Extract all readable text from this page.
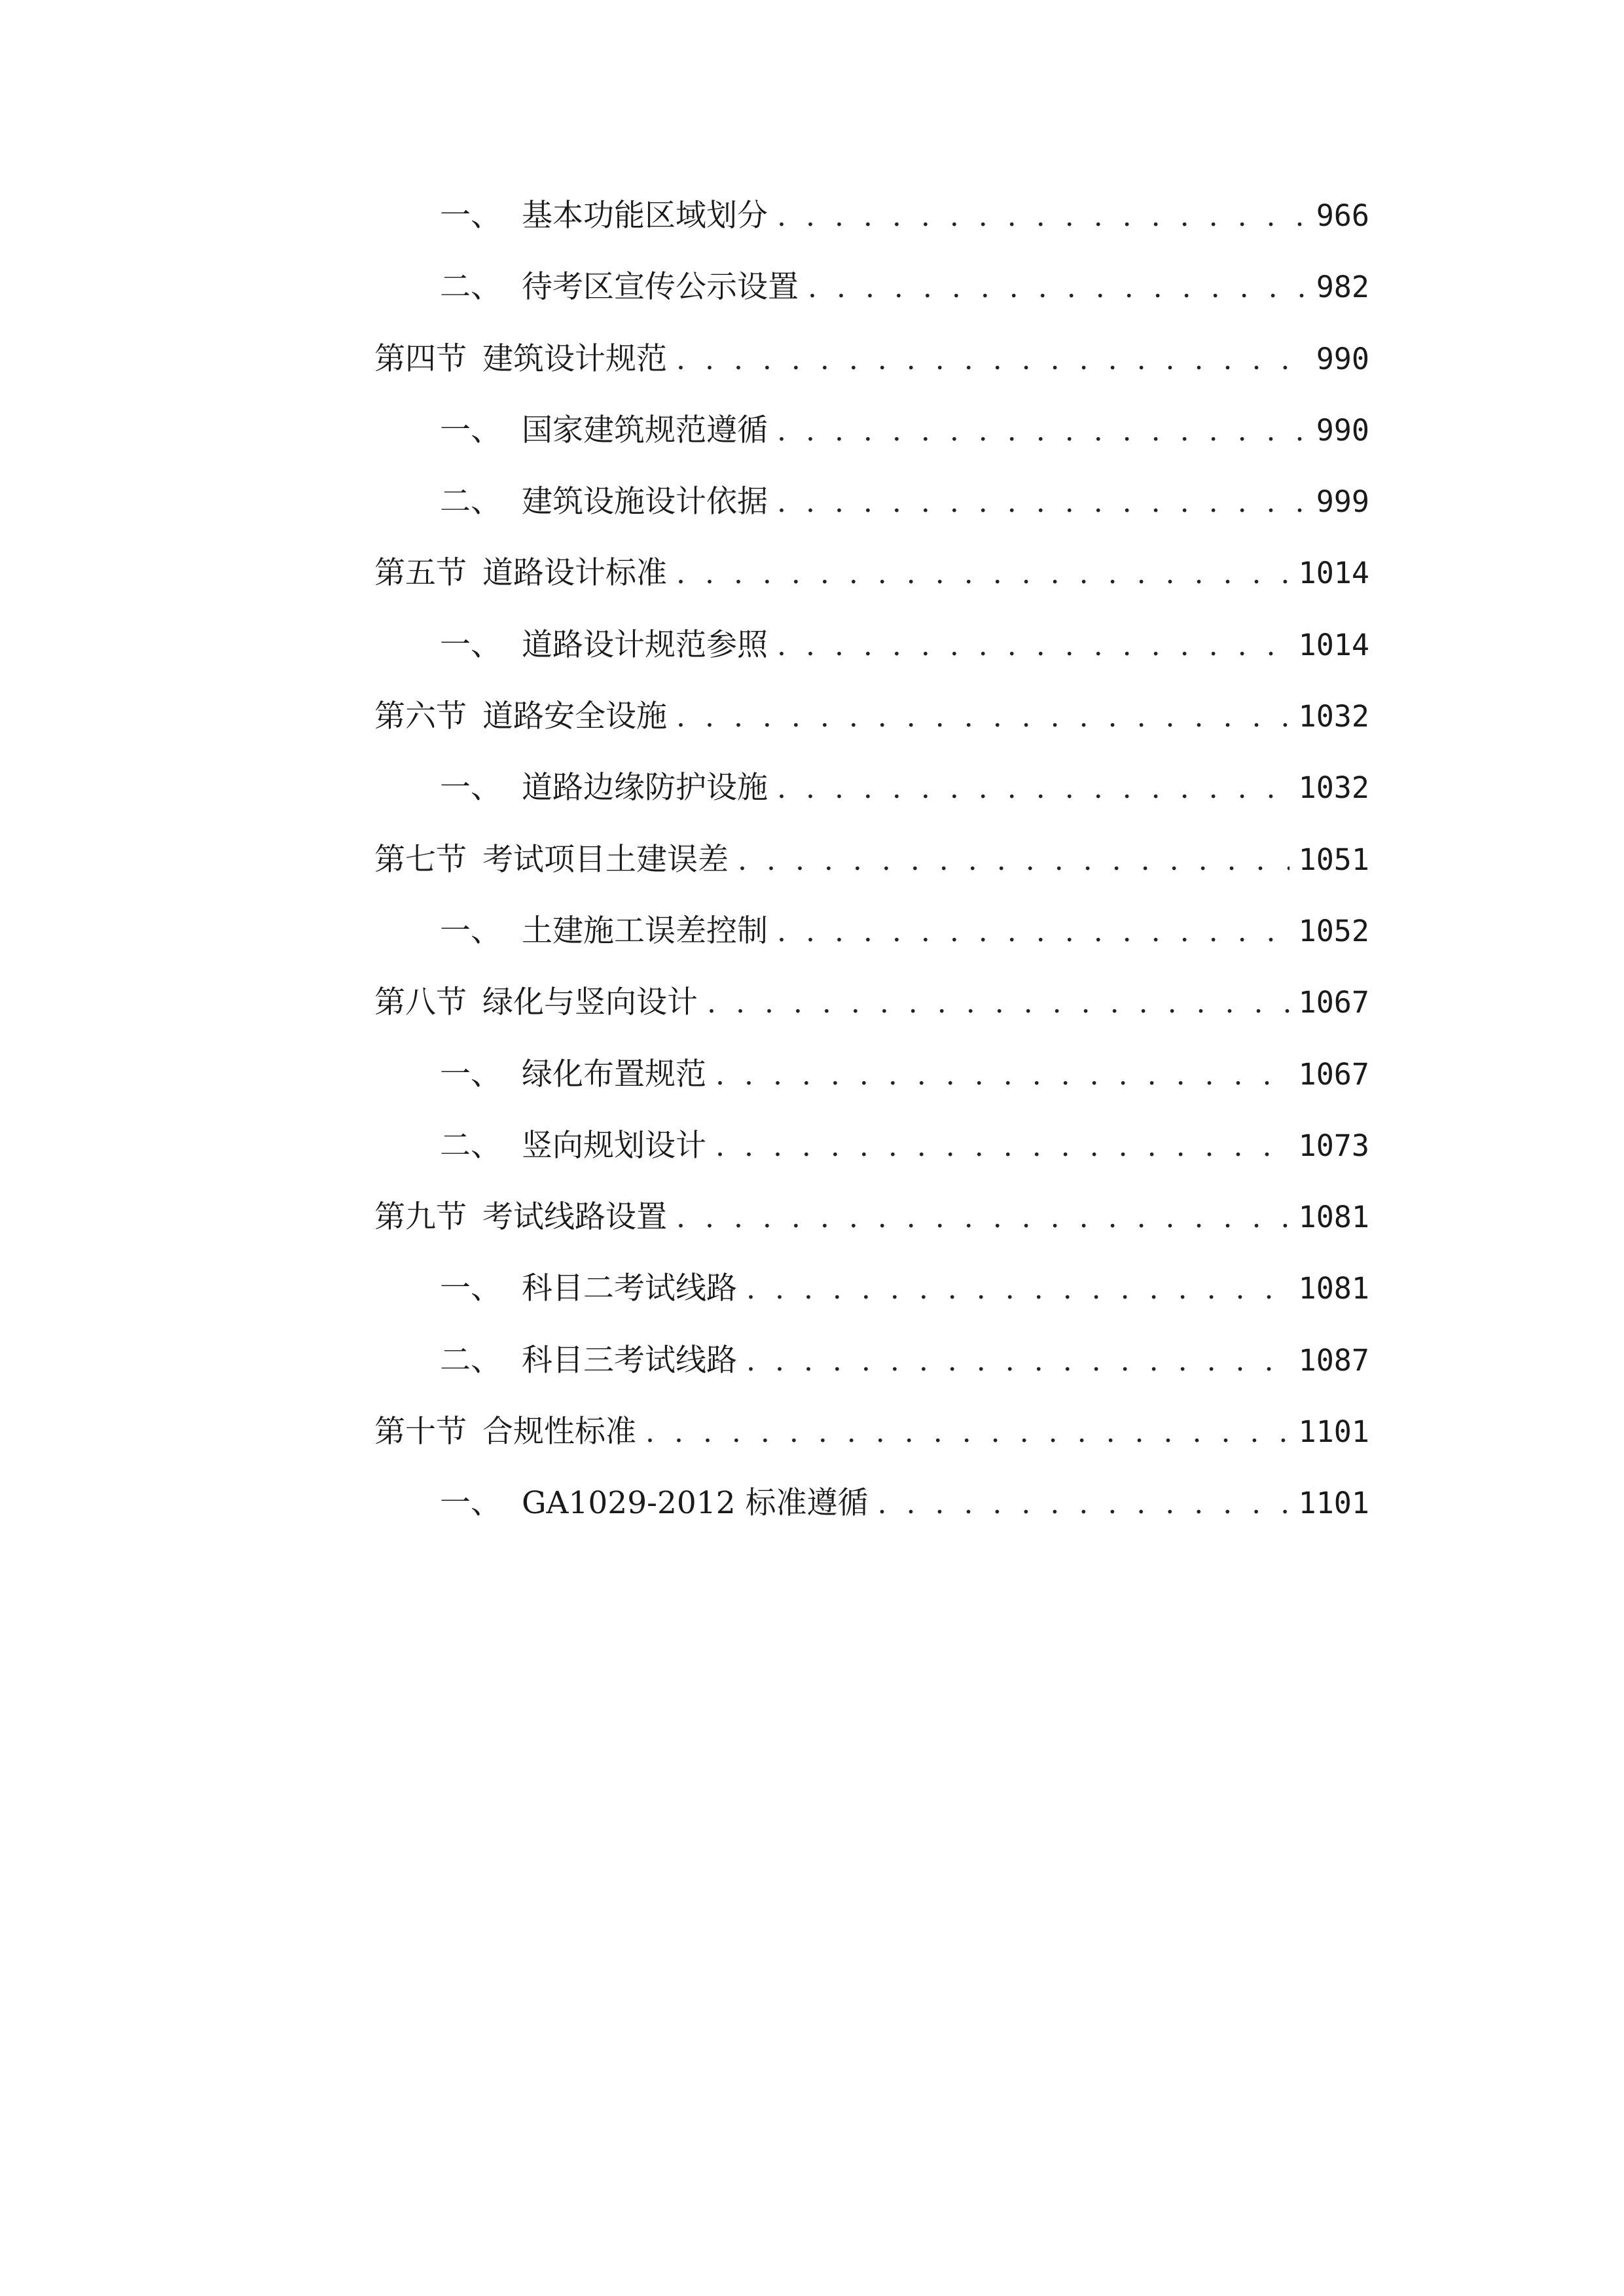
一、 基本功能区域划分 . . .	966
二、 待考区宣传公示设置 . . .	982
第四节 建筑设计规范 . . .	990
一、 国家建筑规范遵循 . . .	990
二、 建筑设施设计依据 . . .	999
第五节 道路设计标准 . . .	1014
一、 道路设计规范参照 . . .	1014
第六节 道路安全设施 . . .	1032
一、 道路边缘防护设施 . . .	1032
第七节 考试项目土建误差 . . .	1051
一、 土建施工误差控制 . . .	1052
第八节 绿化与竖向设计 . . .	1067
一、 绿化布置规范 . . .	1067
二、 竖向规划设计 . . .	1073
第九节 考试线路设置 . . .	1081
一、 科目二考试线路 . . .	1081
二、 科目三考试线路 . . .	1087
第十节 合规性标准 . . .	1101
一、 GA1029-2012 标准遵循 . . .	1101
